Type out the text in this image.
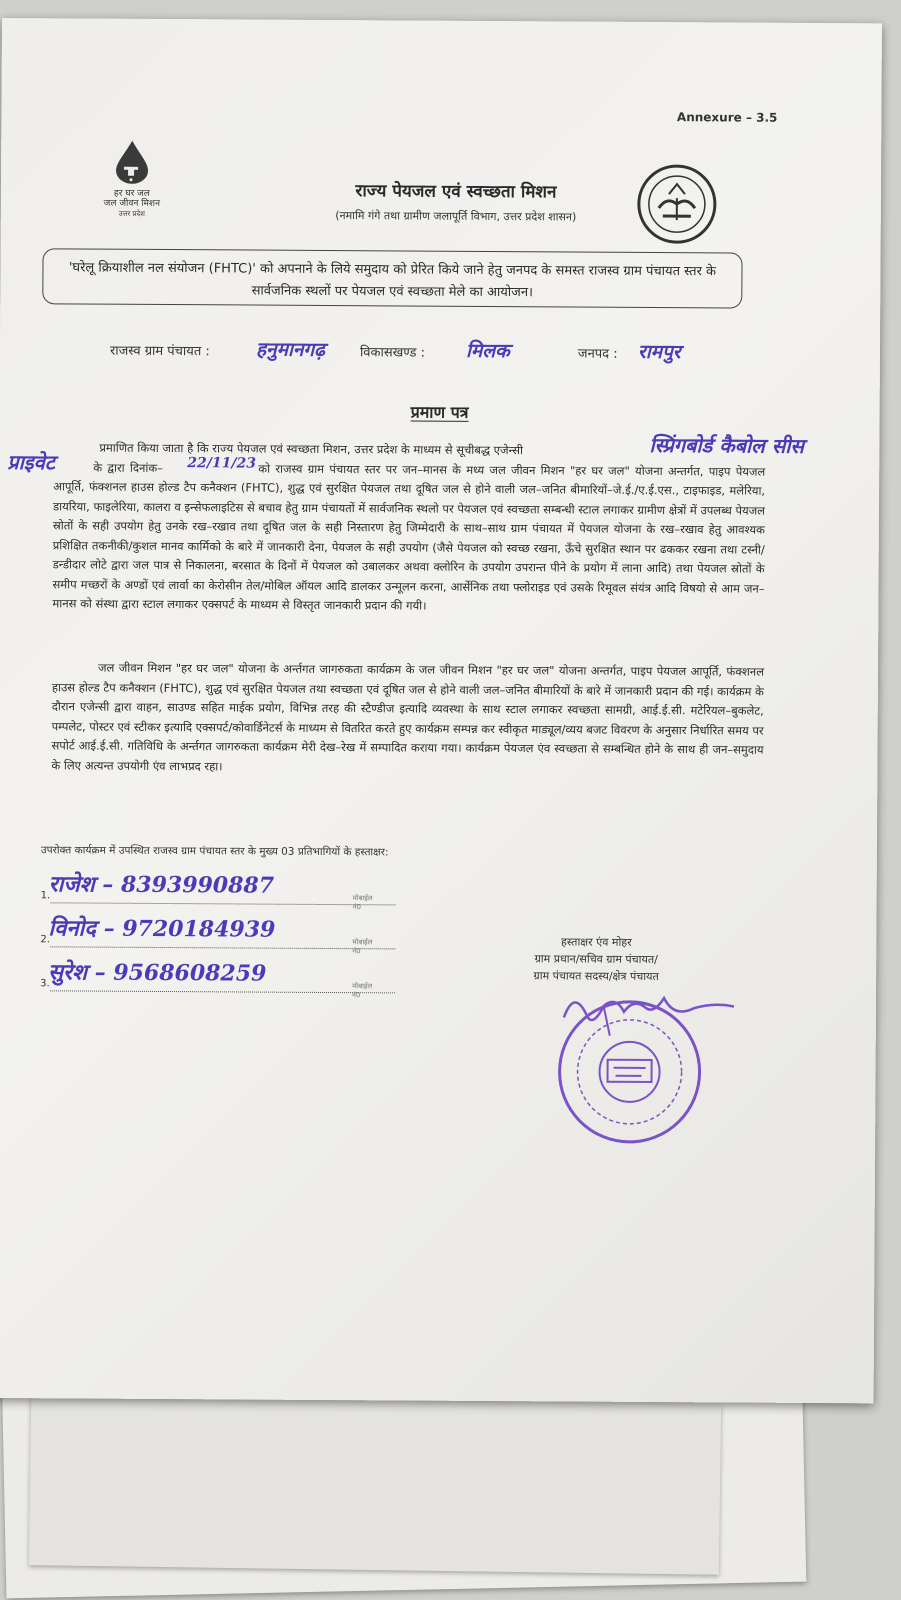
Annexure – 3.5
हर घर जल
जल जीवन मिशन
उत्तर प्रदेश
राज्य पेयजल एवं स्वच्छता मिशन
(नमामि गंगे तथा ग्रामीण जलापूर्ति विभाग, उत्तर प्रदेश शासन)
'घरेलू क्रियाशील नल संयोजन (FHTC)' को अपनाने के लिये समुदाय को प्रेरित किये जाने हेतु जनपद के समस्त राजस्व ग्राम पंचायत स्तर के सार्वजनिक स्थलों पर पेयजल एवं स्वच्छता मेले का आयोजन।
राजस्व ग्राम पंचायत : हनुमानगढ़	विकासखण्ड : मिलक	जनपद : रामपुर
प्रमाण पत्र
स्प्रिंगबोर्ड कैबोल सीस
प्राइवेट	22/11/23
प्रमाणित किया जाता है कि राज्य पेयजल एवं स्वच्छता मिशन, उत्तर प्रदेश के माध्यम से सूचीबद्ध एजेन्सी
के द्वारा दिनांक–	को राजस्व ग्राम पंचायत स्तर पर जन–मानस के मध्य जल जीवन मिशन "हर घर जल" योजना अन्तर्गत, पाइप पेयजल आपूर्ति, फंक्शनल हाउस होल्ड टैप कनैक्शन (FHTC), शुद्ध एवं सुरक्षित पेयजल तथा दूषित जल से होने वाली जल–जनित बीमारियों–जे.ई./ए.ई.एस., टाइफाइड, मलेरिया, डायरिया, फाइलेरिया, कालरा व इन्सेफलाइटिस से बचाव हेतु ग्राम पंचायतों में सार्वजनिक स्थलो पर पेयजल एवं स्वच्छता सम्बन्धी स्टाल लगाकर ग्रामीण क्षेत्रों में उपलब्ध पेयजल स्रोतों के सही उपयोग हेतु उनके रख–रखाव तथा दूषित जल के सही निस्तारण हेतु जिम्मेदारी के साथ–साथ ग्राम पंचायत में पेयजल योजना के रख–रखाव हेतु आवश्यक प्रशिक्षित तकनीकी/कुशल मानव कार्मिको के बारे में जानकारी देना, पेयजल के सही उपयोग (जैसे पेयजल को स्वच्छ रखना, ऊँचे सुरक्षित स्थान पर ढककर रखना तथा टस्नी/डन्डीदार लोटे द्वारा जल पात्र से निकालना, बरसात के दिनों में पेयजल को उबालकर अथवा क्लोरिन के उपयोग उपरान्त पीने के प्रयोग में लाना आदि) तथा पेयजल स्रोतों के समीप मच्छरों के अण्डों एवं लार्वा का केरोसीन तेल/मोबिल ऑयल आदि डालकर उन्मूलन करना, आर्सेनिक तथा फ्लोराइड एवं उसके रिमूवल संयंत्र आदि विषयो से आम जन–मानस को संस्था द्वारा स्टाल लगाकर एक्सपर्ट के माध्यम से विस्तृत जानकारी प्रदान की गयी।
जल जीवन मिशन "हर घर जल" योजना के अर्न्तगत जागरुकता कार्यक्रम के जल जीवन मिशन "हर घर जल" योजना अन्तर्गत, पाइप पेयजल आपूर्ति, फंक्शनल हाउस होल्ड टैप कनैक्शन (FHTC), शुद्ध एवं सुरक्षित पेयजल तथा स्वच्छता एवं दूषित जल से होने वाली जल–जनित बीमारियों के बारे में जानकारी प्रदान की गई। कार्यक्रम के दौरान एजेन्सी द्वारा वाहन, साउण्ड सहित माईक प्रयोग, विभिन्न तरह की स्टैण्डीज इत्यादि व्यवस्था के साथ स्टाल लगाकर स्वच्छता सामग्री, आई.ई.सी. मटेरियल–बुकलेट, पम्पलेट, पोस्टर एवं स्टीकर इत्यादि एक्सपर्ट/कोवार्डिनेटर्स के माध्यम से वितरित करते हुए कार्यक्रम सम्पन्न कर स्वीकृत माड्यूल/व्यय बजट विवरण के अनुसार निर्धारित समय पर सपोर्ट आई.ई.सी. गतिविधि के अर्न्तगत जागरुकता कार्यक्रम मेरी देख–रेख में सम्पादित कराया गया। कार्यक्रम पेयजल एंव स्वच्छता से सम्बन्धित होने के साथ ही जन–समुदाय के लिए अत्यन्त उपयोगी एंव लाभप्रद रहा।
उपरोक्त कार्यक्रम में उपस्थित राजस्व ग्राम पंचायत स्तर के मुख्य 03 प्रतिभागियों के हस्ताक्षर:
1.
राजेश – 8393990887	मोबाईल नं0
2.
विनोद – 9720184939	मोबाईल नं0
3.
सुरेश – 9568608259	मोबाईल नं0
हस्ताक्षर एंव मोहर
ग्राम प्रधान/सचिव ग्राम पंचायत/
ग्राम पंचायत सदस्य/क्षेत्र पंचायत
